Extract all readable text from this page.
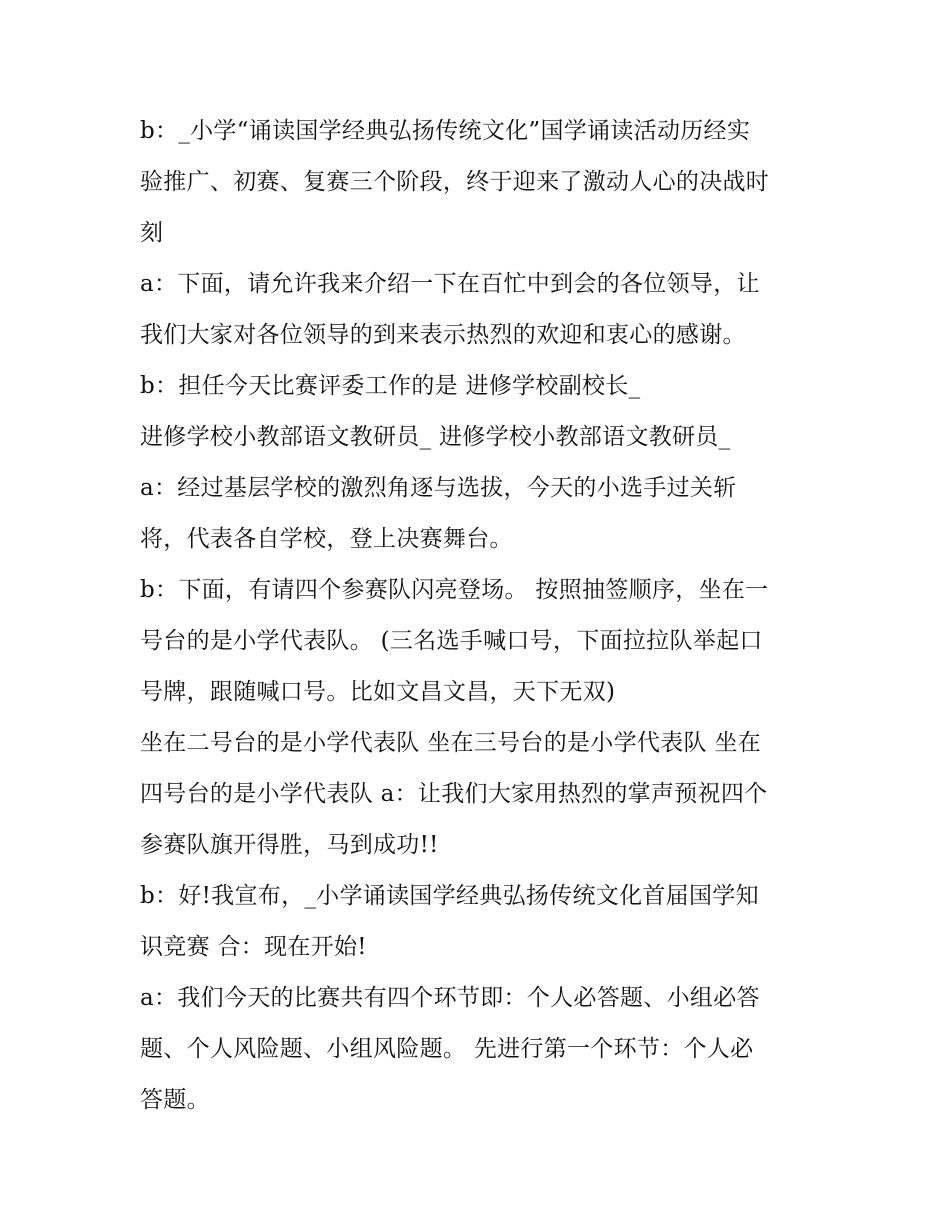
b：_小学“诵读国学经典弘扬传统文化”国学诵读活动历经实
验推广、初赛、复赛三个阶段，终于迎来了激动人心的决战时
刻
a：下面，请允许我来介绍一下在百忙中到会的各位领导，让
我们大家对各位领导的到来表示热烈的欢迎和衷心的感谢。
b：担任今天比赛评委工作的是 进修学校副校长_
进修学校小教部语文教研员_ 进修学校小教部语文教研员_
a：经过基层学校的激烈角逐与选拔，今天的小选手过关斩
将，代表各自学校，登上决赛舞台。
b：下面，有请四个参赛队闪亮登场。 按照抽签顺序，坐在一
号台的是小学代表队。 (三名选手喊口号，下面拉拉队举起口
号牌，跟随喊口号。比如文昌文昌，天下无双)
坐在二号台的是小学代表队 坐在三号台的是小学代表队 坐在
四号台的是小学代表队 a：让我们大家用热烈的掌声预祝四个
参赛队旗开得胜，马到成功!!
b：好!我宣布，_小学诵读国学经典弘扬传统文化首届国学知
识竞赛 合：现在开始!
a：我们今天的比赛共有四个环节即：个人必答题、小组必答
题、个人风险题、小组风险题。 先进行第一个环节：个人必
答题。
